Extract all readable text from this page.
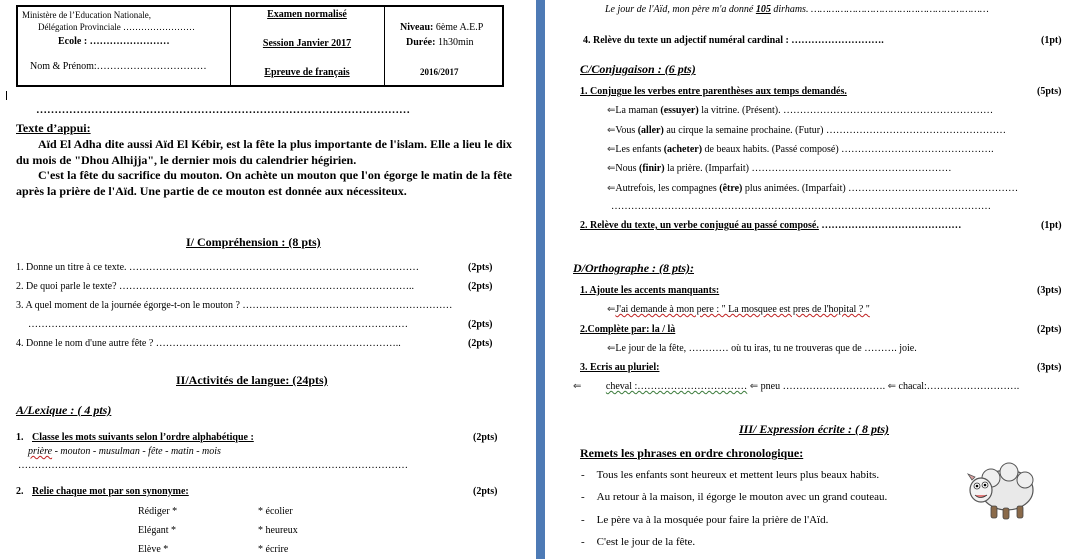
Ministère de l’Education Nationale,
Délégation Provinciale ……………………
Ecole : ……………………
Nom & Prénom:……………………………
Examen normalisé
Session Janvier 2017
Epreuve de français
Niveau: 6ème A.E.P
Durée: 1h30min
2016/2017
…………………………………………………………………………………………
Texte d’appui:

Aïd El Adha dite aussi Aïd El Kébir, est la fête la plus importante de l'islam. Elle a lieu le dix du mois de "Dhou Alhijja", le dernier mois du calendrier hégirien.

C'est la fête du sacrifice du mouton. On achète un mouton que l'on égorge le matin de la fête après la prière de l'Aïd. Une partie de ce mouton est donnée aux nécessiteux.

I/ Compréhension : (8 pts)
1. Donne un titre à ce texte. ……………………………………………………………………………	(2pts)
2. De quoi parle le texte? ……………………………………………………………………………..	(2pts)
3. A quel moment de la journée égorge-t-on le mouton ? ………………………………………………………
……………………………………………………………………………………………………	(2pts)
4. Donne le nom d'une autre fête ? ………………………………………………………………..	(2pts)
II/Activités de langue: (24pts)
A/Lexique : ( 4 pts)
1. Classe les mots suivants selon l’ordre alphabétique :	(2pts)
prière - mouton - musulman - fête - matin - mois
………………………………………………………………………………………………………
2. Relie chaque mot par son synonyme:	(2pts)
Rédiger *	* écolier
Elégant *	* heureux
Elève *	* écrire
Le jour de l'Aïd, mon père m'a donné 105 dirhams. ……………………………………………………
4. Relève du texte un adjectif numéral cardinal : ……………………….	(1pt)
C/Conjugaison : (6 pts)
1. Conjugue les verbes entre parenthèses aux temps demandés.	(5pts)
⇐La maman (essuyer) la vitrine. (Présent). ………………………………………………………
⇐Vous (aller) au cirque la semaine prochaine. (Futur) ………………………………………………
⇐Les enfants (acheter) de beaux habits. (Passé composé) ……………………………………….
⇐Nous (finir) la prière. (Imparfait) ……………………………………………………
⇐Autrefois, les compagnes (être) plus animées. (Imparfait) ……………………………………………
……………………………………………………………………………………………………
2. Relève du texte, un verbe conjugué au passé composé. ……………………………………	(1pt)
D/Orthographe : (8 pts):
1. Ajoute les accents manquants:	(3pts)
⇐J'ai demande à mon pere : " La mosquee est pres de l'hopital ? "
2.Complète par: la / là	(2pts)
⇐Le jour de la fête, ………… où tu iras, tu ne trouveras que de ………. joie.
3. Ecris au pluriel:	(3pts)
⇐ cheval :…………………………… ⇐ pneu …………………………. ⇐ chacal:……………………….
III/ Expression écrite : ( 8 pts)
Remets les phrases en ordre chronologique:
- Tous les enfants sont heureux et mettent leurs plus beaux habits.
- Au retour à la maison, il égorge le mouton avec un grand couteau.
- Le père va à la mosquée pour faire la prière de l'Aïd.
- C'est le jour de la fête.
